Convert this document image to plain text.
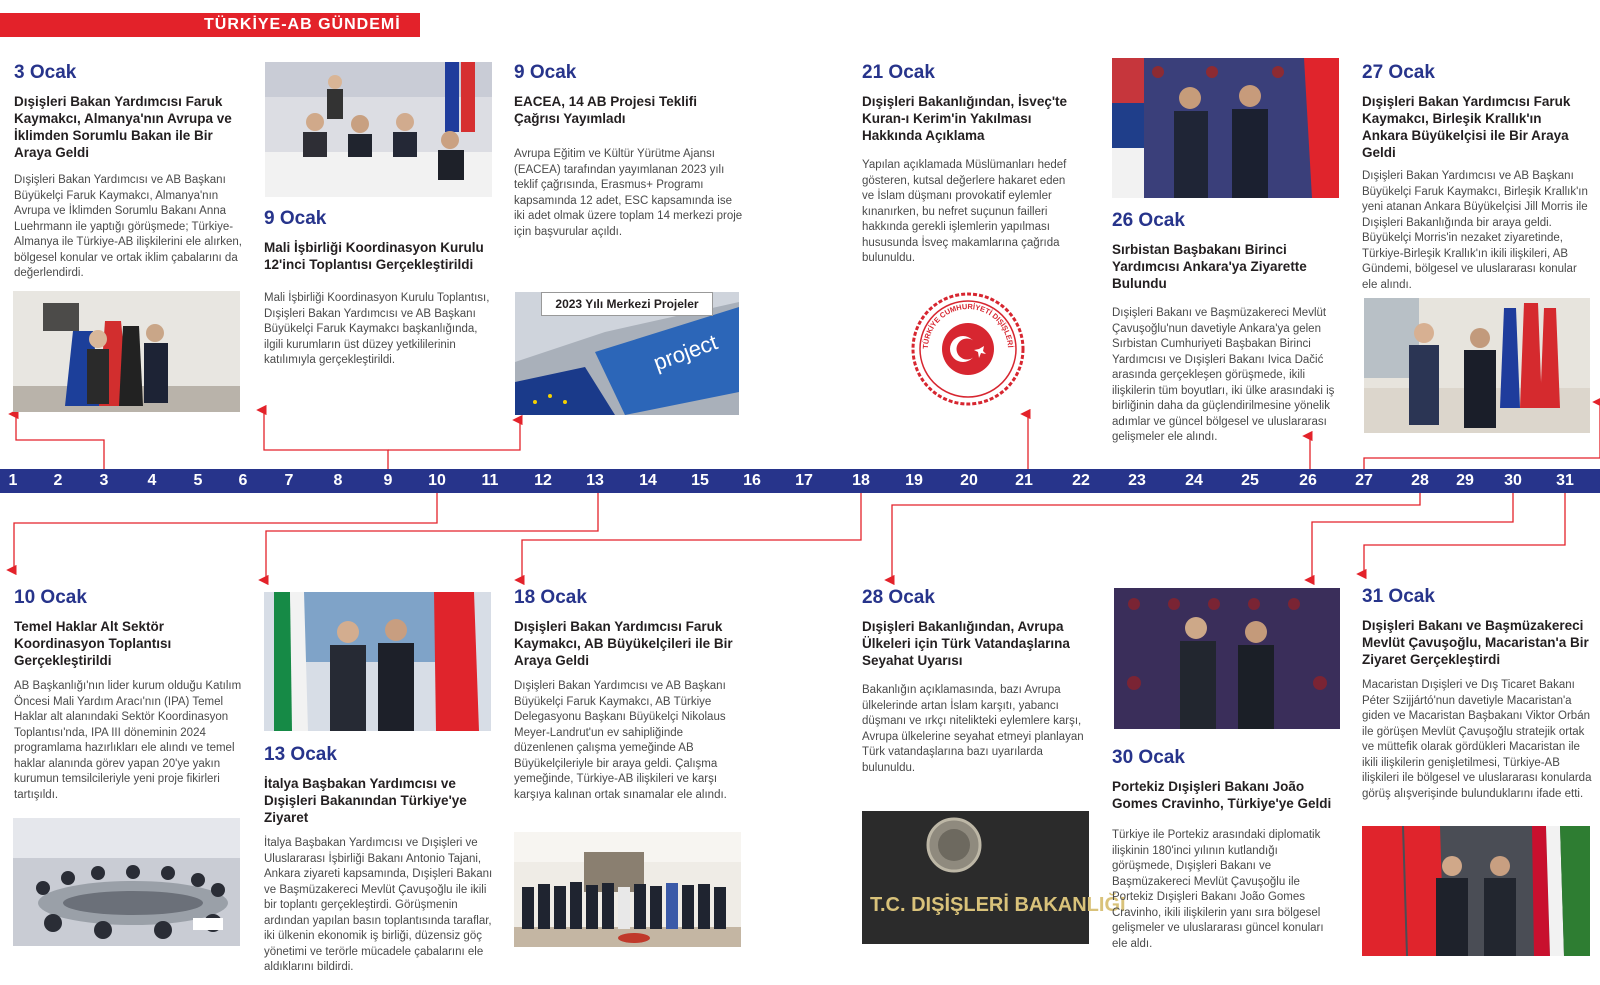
TÜRKİYE-AB GÜNDEMİ
1 2 3 4 5 6 7	8	9 10 11 12 13 14 15 16 17 18 19 20 21 22 23 24 25	26 27 28 29 30 31
3 Ocak
Dışişleri Bakan Yardımcısı Faruk Kaymakcı, Almanya'nın Avrupa ve İklimden Sorumlu Bakan ile Bir Araya Geldi
Dışişleri Bakan Yardımcısı ve AB Başkanı Büyükelçi Faruk Kaymakcı, Almanya'nın Avrupa ve İklimden Sorumlu Bakanı Anna Luehrmann ile yaptığı görüşmede; Türkiye-Almanya ile Türkiye-AB ilişkilerini ele alırken, bölgesel konular ve ortak iklim çabalarını da değerlendirdi.
9 Ocak
Mali İşbirliği Koordinasyon Kurulu 12'inci Toplantısı Gerçekleştirildi
Mali İşbirliği Koordinasyon Kurulu Toplantısı, Dışişleri Bakan Yardımcısı ve AB Başkanı Büyükelçi Faruk Kaymakcı başkanlığında, ilgili kurumların üst düzey yetkililerinin katılımıyla gerçekleştirildi.
9 Ocak
EACEA, 14 AB Projesi Teklifi Çağrısı Yayımladı
Avrupa Eğitim ve Kültür Yürütme Ajansı (EACEA) tarafından yayımlanan 2023 yılı teklif çağrısında, Erasmus+ Programı kapsamında 12 adet, ESC kapsamında ise iki adet olmak üzere toplam 14 merkezi proje için başvurular açıldı.
project
2023 Yılı Merkezi Projeler
21 Ocak
Dışişleri Bakanlığından, İsveç'te Kuran-ı Kerim'in Yakılması Hakkında Açıklama
Yapılan açıklamada Müslümanları hedef gösteren, kutsal değerlere hakaret eden ve İslam düşmanı provokatif eylemler kınanırken, bu nefret suçunun failleri hakkında gerekli işlemlerin yapılması hususunda İsveç makamlarına çağrıda bulunuldu.
TÜRKİYE CUMHURİYETİ DIŞİŞLERİ
26 Ocak
Sırbistan Başbakanı Birinci Yardımcısı Ankara'ya Ziyarette Bulundu
Dışişleri Bakanı ve Başmüzakereci Mevlüt Çavuşoğlu'nun davetiyle Ankara'ya gelen Sırbistan Cumhuriyeti Başbakan Birinci Yardımcısı ve Dışişleri Bakanı Ivica Dačić arasında gerçekleşen görüşmede, ikili ilişkilerin tüm boyutları, iki ülke arasındaki iş birliğinin daha da güçlendirilmesine yönelik adımlar ve güncel bölgesel ve uluslararası gelişmeler ele alındı.
27 Ocak
Dışişleri Bakan Yardımcısı Faruk Kaymakcı, Birleşik Krallık'ın Ankara Büyükelçisi ile Bir Araya Geldi
Dışişleri Bakan Yardımcısı ve AB Başkanı Büyükelçi Faruk Kaymakcı, Birleşik Krallık'ın yeni atanan Ankara Büyükelçisi Jill Morris ile Dışişleri Bakanlığında bir araya geldi. Büyükelçi Morris'in nezaket ziyaretinde, Türkiye-Birleşik Krallık'ın ikili ilişkileri, AB Gündemi, bölgesel ve uluslararası konular ele alındı.
10 Ocak
Temel Haklar Alt Sektör Koordinasyon Toplantısı Gerçekleştirildi
AB Başkanlığı'nın lider kurum olduğu Katılım Öncesi Mali Yardım Aracı'nın (IPA) Temel Haklar alt alanındaki Sektör Koordinasyon Toplantısı'nda, IPA III döneminin 2024 programlama hazırlıkları ele alındı ve temel haklar alanında görev yapan 20'ye yakın kurumun temsilcileriyle yeni proje fikirleri tartışıldı.
13 Ocak
İtalya Başbakan Yardımcısı ve Dışişleri Bakanından Türkiye'ye Ziyaret
İtalya Başbakan Yardımcısı ve Dışişleri ve Uluslararası İşbirliği Bakanı Antonio Tajani, Ankara ziyareti kapsamında, Dışişleri Bakanı ve Başmüzakereci Mevlüt Çavuşoğlu ile ikili bir toplantı gerçekleştirdi. Görüşmenin ardından yapılan basın toplantısında taraflar, iki ülkenin ekonomik iş birliği, düzensiz göç yönetimi ve terörle mücadele çabalarını ele aldıklarını bildirdi.
18 Ocak
Dışişleri Bakan Yardımcısı Faruk Kaymakcı, AB Büyükelçileri ile Bir Araya Geldi
Dışişleri Bakan Yardımcısı ve AB Başkanı Büyükelçi Faruk Kaymakcı, AB Türkiye Delegasyonu Başkanı Büyükelçi Nikolaus Meyer-Landrut'un ev sahipliğinde düzenlenen çalışma yemeğinde AB Büyükelçileriyle bir araya geldi. Çalışma yemeğinde, Türkiye-AB ilişkileri ve karşı karşıya kalınan ortak sınamalar ele alındı.
28 Ocak
Dışişleri Bakanlığından, Avrupa Ülkeleri için Türk Vatandaşlarına Seyahat Uyarısı
Bakanlığın açıklamasında, bazı Avrupa ülkelerinde artan İslam karşıtı, yabancı düşmanı ve ırkçı nitelikteki eylemlere karşı, Avrupa ülkelerine seyahat etmeyi planlayan Türk vatandaşlarına bazı uyarılarda bulunuldu.
T.C. DIŞİŞLERİ BAKANLIĞI
30 Ocak
Portekiz Dışişleri Bakanı João Gomes Cravinho, Türkiye'ye Geldi
Türkiye ile Portekiz arasındaki diplomatik ilişkinin 180'inci yılının kutlandığı görüşmede, Dışişleri Bakanı ve Başmüzakereci Mevlüt Çavuşoğlu ile Portekiz Dışişleri Bakanı João Gomes Cravinho, ikili ilişkilerin yanı sıra bölgesel gelişmeler ve uluslararası güncel konuları ele aldı.
31 Ocak
Dışişleri Bakanı ve Başmüzakereci Mevlüt Çavuşoğlu, Macaristan'a Bir Ziyaret Gerçekleştirdi
Macaristan Dışişleri ve Dış Ticaret Bakanı Péter Szijjártó'nun davetiyle Macaristan'a giden ve Macaristan Başbakanı Viktor Orbán ile görüşen Mevlüt Çavuşoğlu stratejik ortak ve müttefik olarak gördükleri Macaristan ile ikili ilişkilerin genişletilmesi, Türkiye-AB ilişkileri ile bölgesel ve uluslararası konularda görüş alışverişinde bulunduklarını ifade etti.
